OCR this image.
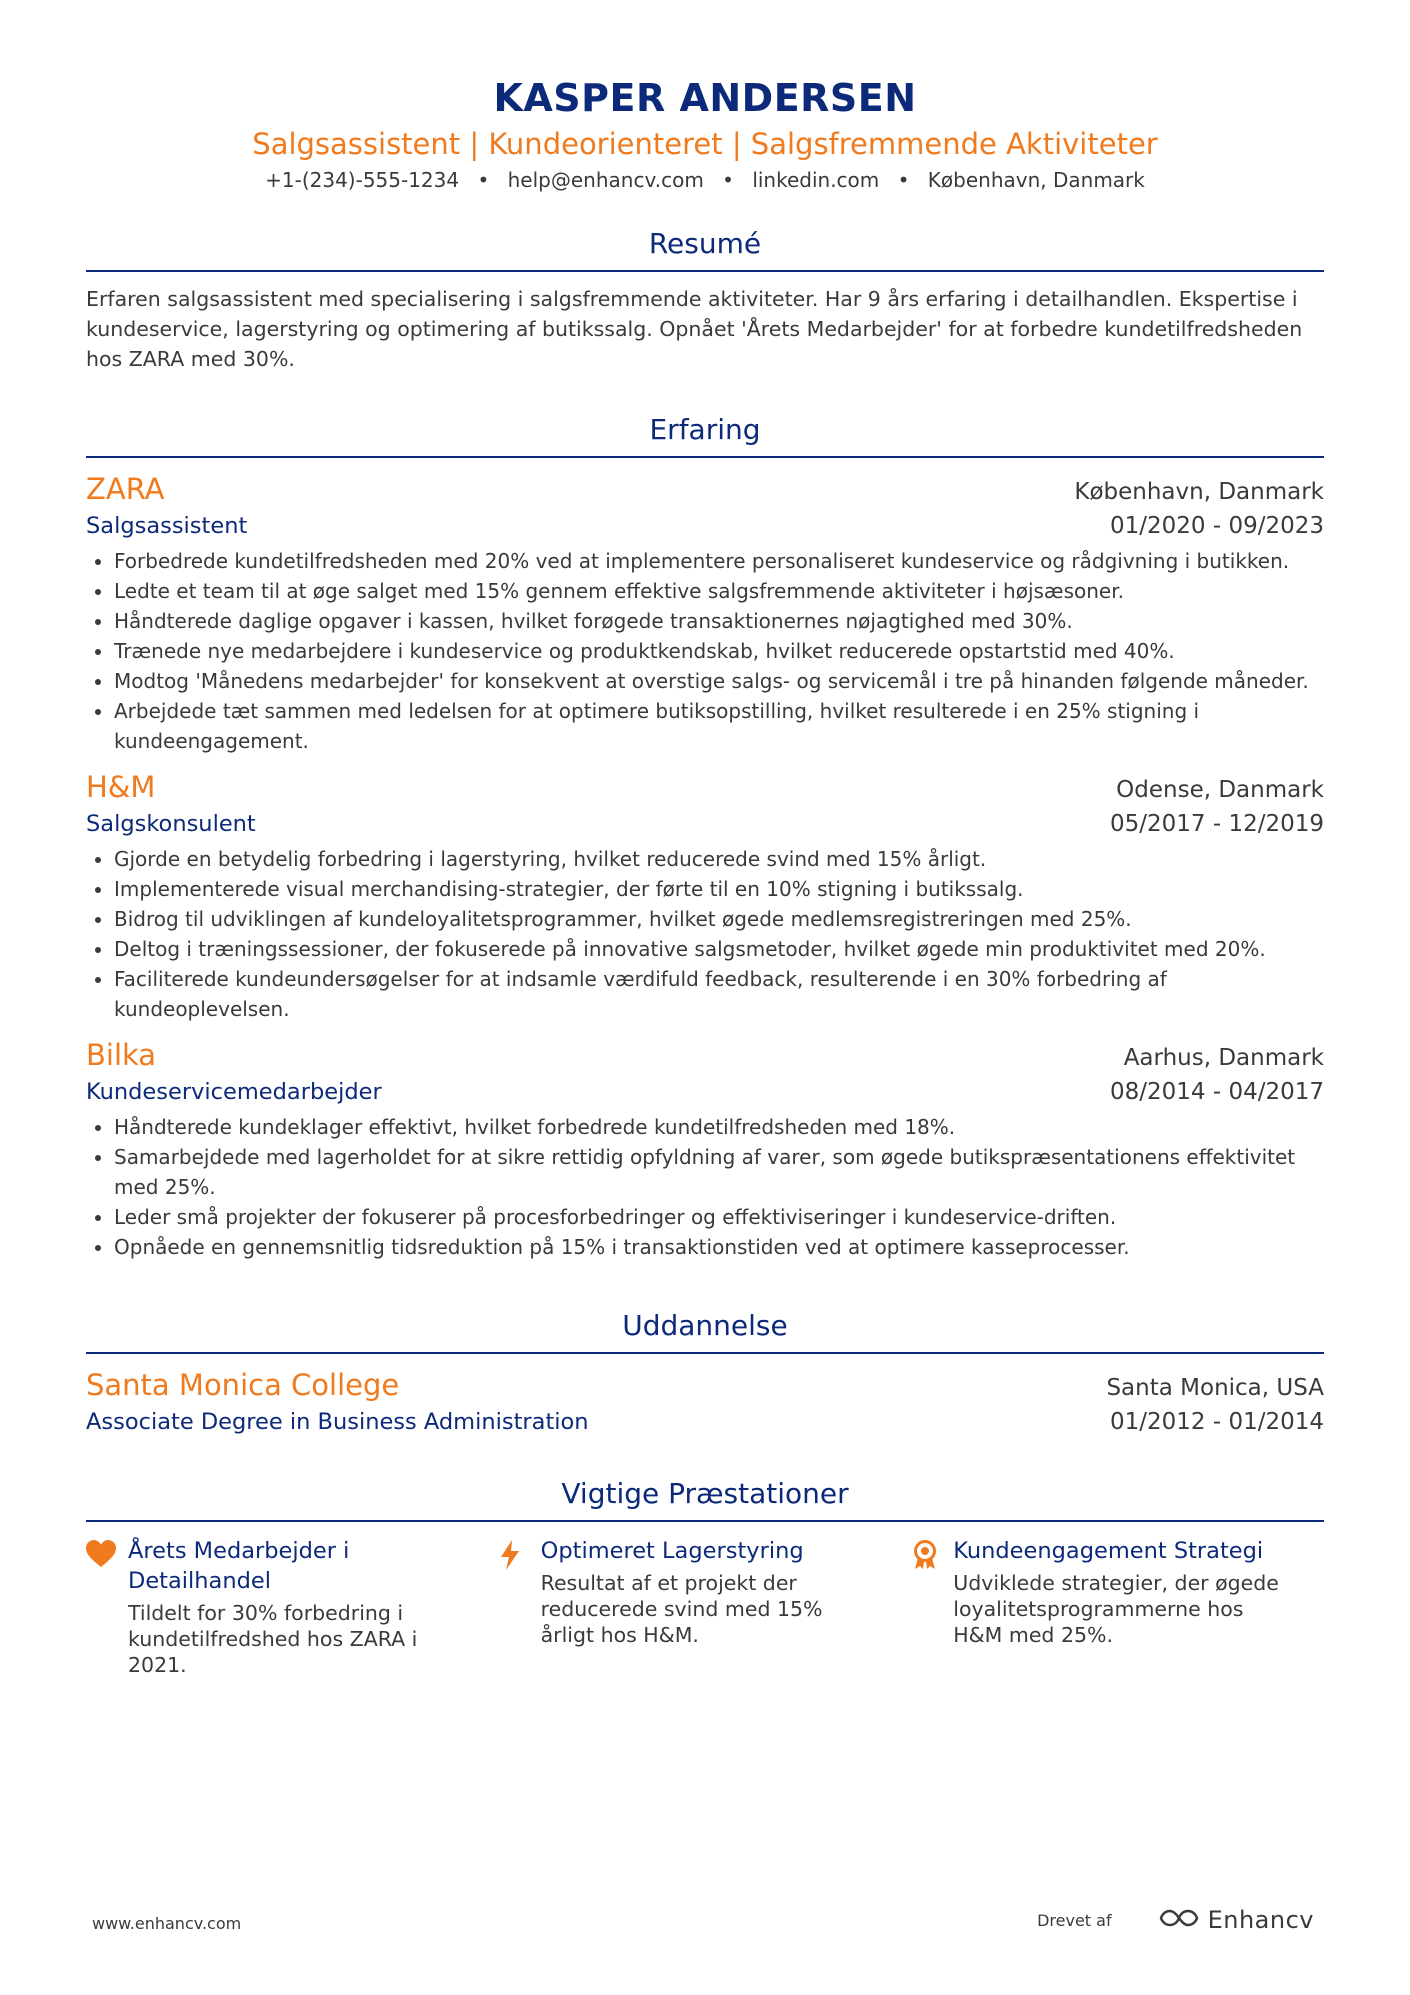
KASPER ANDERSEN
Salgsassistent | Kundeorienteret | Salgsfremmende Aktiviteter
+1-(234)-555-1234 • help@enhancv.com • linkedin.com • København, Danmark
Resumé
Erfaren salgsassistent med specialisering i salgsfremmende aktiviteter. Har 9 års erfaring i detailhandlen. Ekspertise i kundeservice, lagerstyring og optimering af butikssalg. Opnået 'Årets Medarbejder' for at forbedre kundetilfredsheden hos ZARA med 30%.
Erfaring
ZARA	København, Danmark
Salgsassistent	01/2020 - 09/2023
• Forbedrede kundetilfredsheden med 20% ved at implementere personaliseret kundeservice og rådgivning i butikken.
• Ledte et team til at øge salget med 15% gennem effektive salgsfremmende aktiviteter i højsæsoner.
• Håndterede daglige opgaver i kassen, hvilket forøgede transaktionernes nøjagtighed med 30%.
• Trænede nye medarbejdere i kundeservice og produktkendskab, hvilket reducerede opstartstid med 40%.
• Modtog 'Månedens medarbejder' for konsekvent at overstige salgs- og servicemål i tre på hinanden følgende måneder.
• Arbejdede tæt sammen med ledelsen for at optimere butiksopstilling, hvilket resulterede i en 25% stigning i kundeengagement.
H&M	Odense, Danmark
Salgskonsulent	05/2017 - 12/2019
• Gjorde en betydelig forbedring i lagerstyring, hvilket reducerede svind med 15% årligt.
• Implementerede visual merchandising-strategier, der førte til en 10% stigning i butikssalg.
• Bidrog til udviklingen af kundeloyalitetsprogrammer, hvilket øgede medlemsregistreringen med 25%.
• Deltog i træningssessioner, der fokuserede på innovative salgsmetoder, hvilket øgede min produktivitet med 20%.
• Faciliterede kundeundersøgelser for at indsamle værdifuld feedback, resulterende i en 30% forbedring af kundeoplevelsen.
Bilka	Aarhus, Danmark
Kundeservicemedarbejder	08/2014 - 04/2017
• Håndterede kundeklager effektivt, hvilket forbedrede kundetilfredsheden med 18%.
• Samarbejdede med lagerholdet for at sikre rettidig opfyldning af varer, som øgede butikspræsentationens effektivitet med 25%.
• Leder små projekter der fokuserer på procesforbedringer og effektiviseringer i kundeservice-driften.
• Opnåede en gennemsnitlig tidsreduktion på 15% i transaktionstiden ved at optimere kasseprocesser.
Uddannelse
Santa Monica College	Santa Monica, USA
Associate Degree in Business Administration	01/2012 - 01/2014
Vigtige Præstationer
Årets Medarbejder i Detailhandel
Tildelt for 30% forbedring i kundetilfredshed hos ZARA i 2021.
Optimeret Lagerstyring
Resultat af et projekt der reducerede svind med 15% årligt hos H&M.
Kundeengagement Strategi
Udviklede strategier, der øgede loyalitetsprogrammerne hos H&M med 25%.
www.enhancv.com	Drevet af	Enhancv
